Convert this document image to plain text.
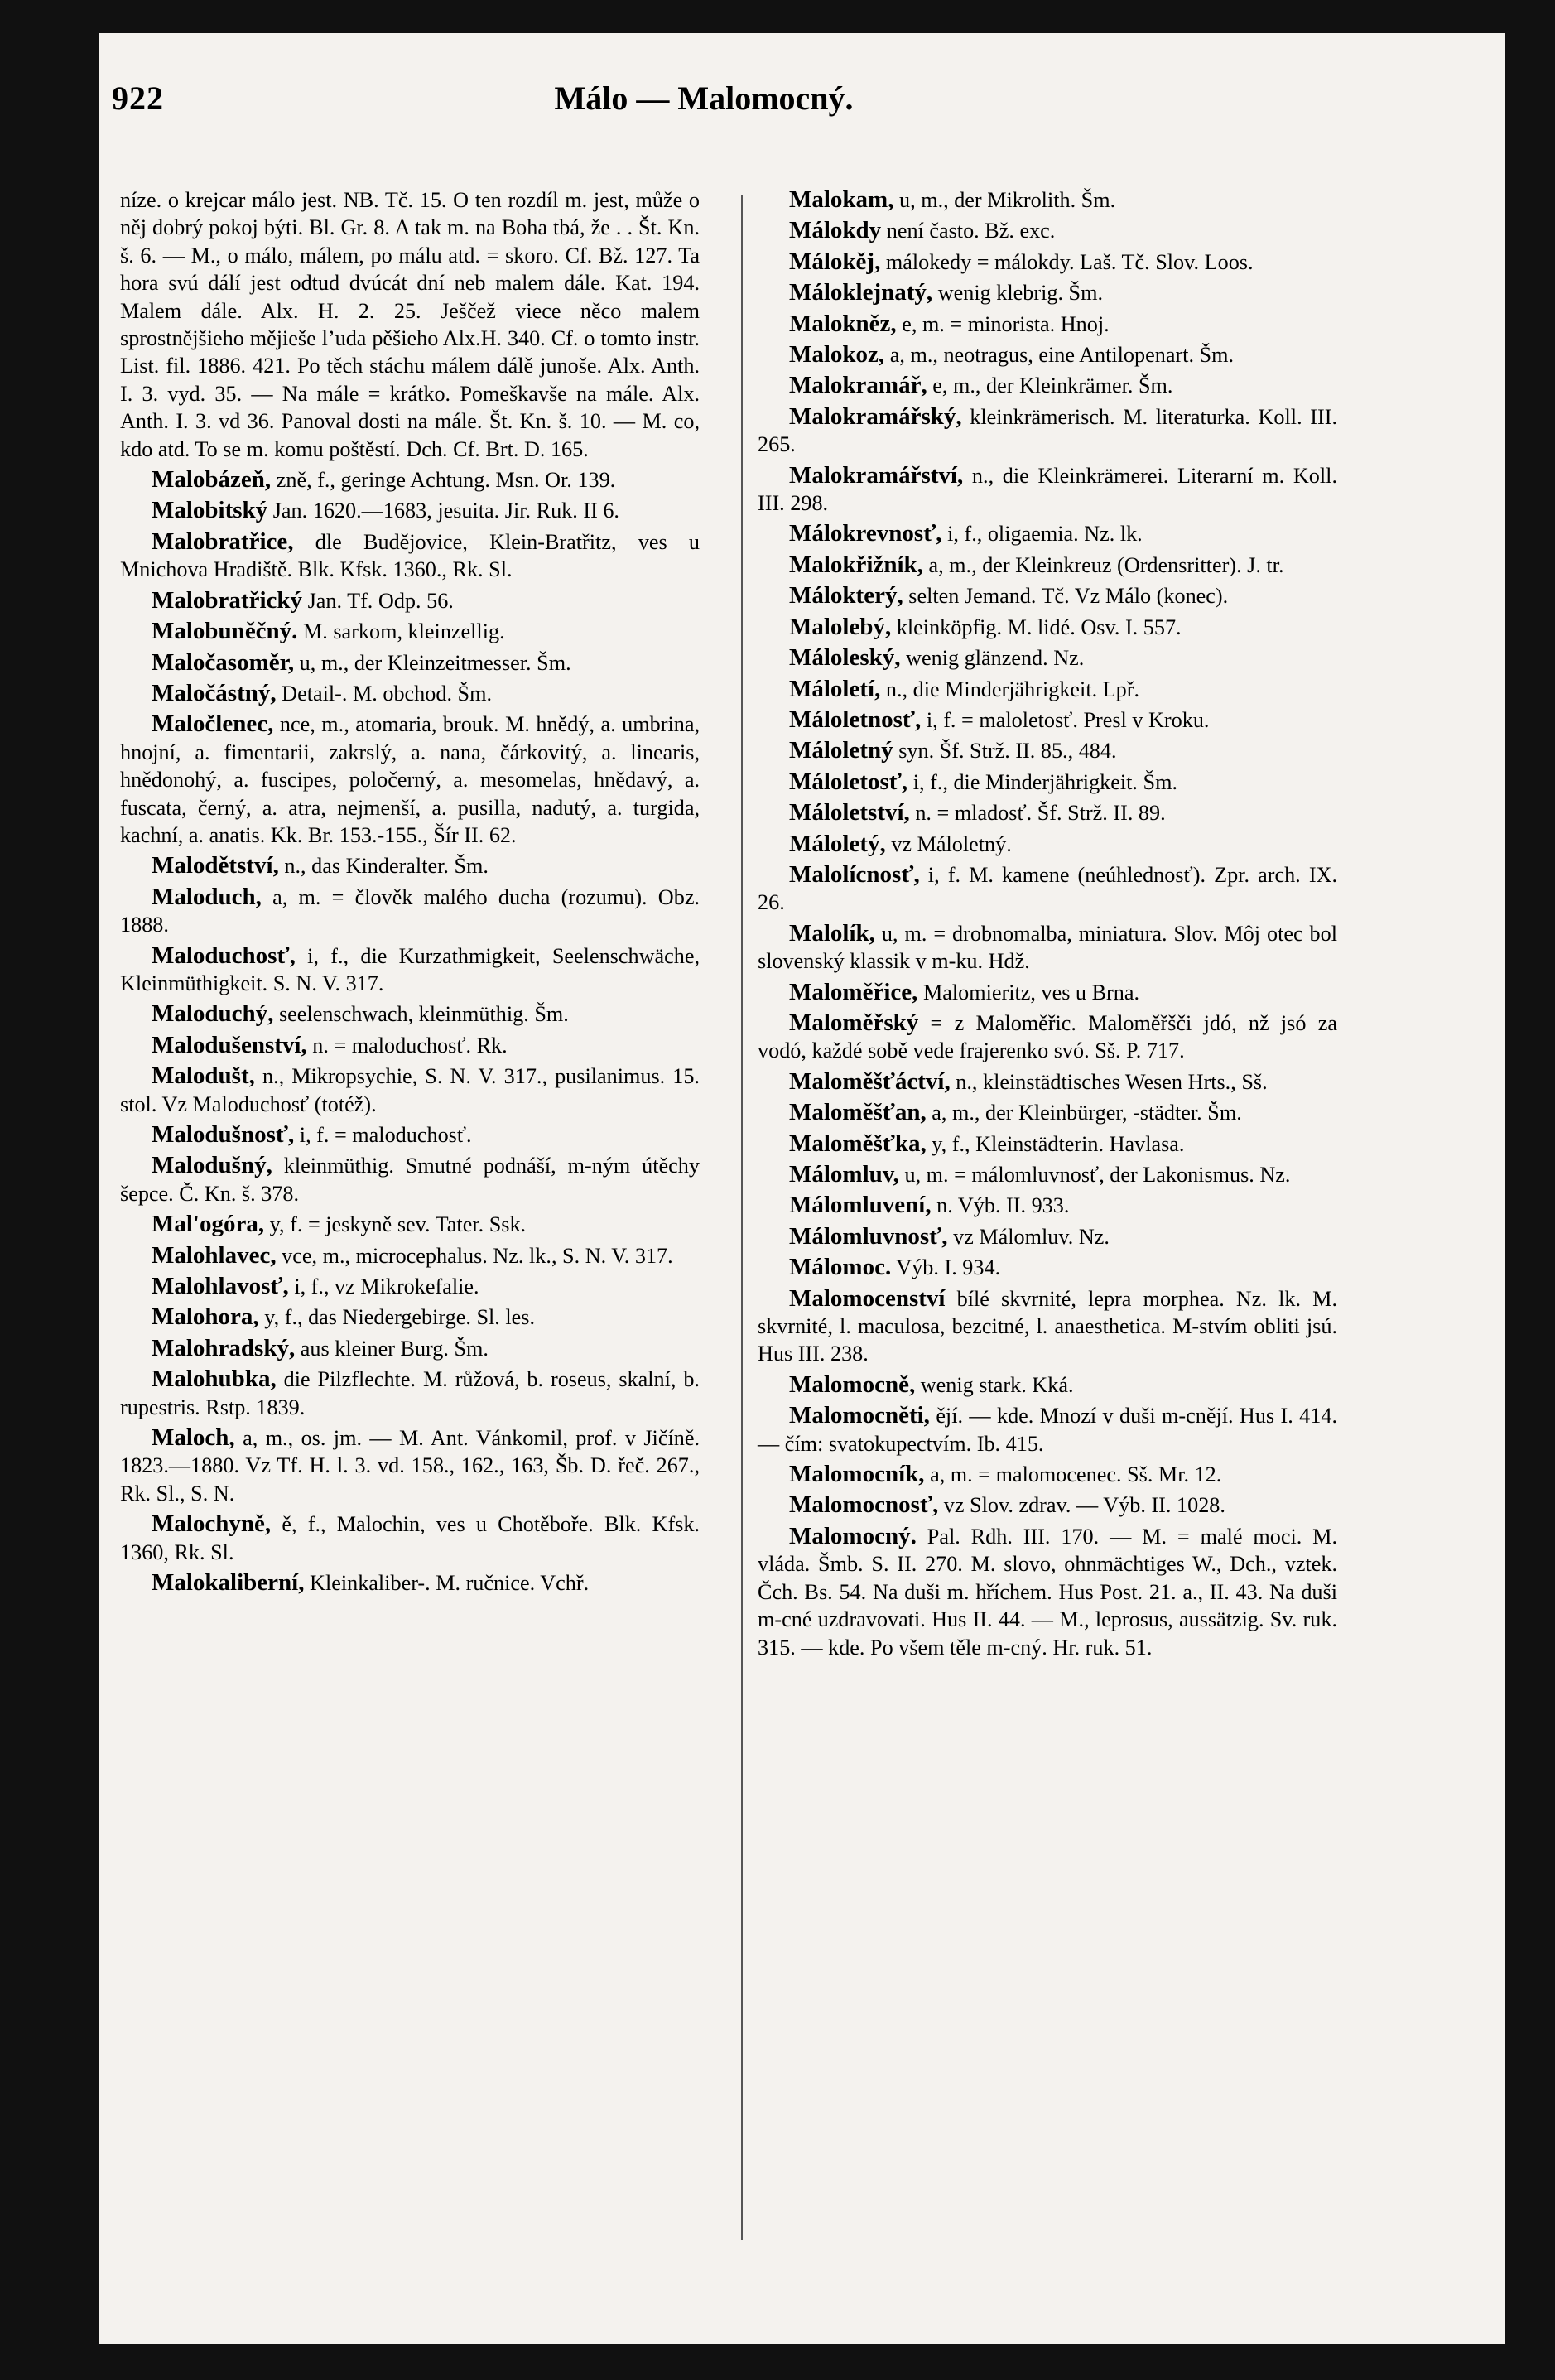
922	Málo — Malomocný.

níze. o krejcar málo jest. NB. Tč. 15. O ten rozdíl m. jest, může o něj dobrý pokoj býti. Bl. Gr. 8. A tak m. na Boha tbá, že . . Št. Kn. š. 6. — M., o málo, málem, po málu atd. = skoro. Cf. Bž. 127. Ta hora svú dálí jest odtud dvúcát dní neb malem dále. Kat. 194. Malem dále. Alx. H. 2. 25. Ješčež viece něco malem sprostnějšieho mějieše l’uda pěšieho Alx.H. 340. Cf. o tomto instr. List. fil. 1886. 421. Po těch stáchu málem dálě junoše. Alx. Anth. I. 3. vyd. 35. — Na mále = krátko. Pomeškavše na mále. Alx. Anth. I. 3. vd 36. Panoval dosti na mále. Št. Kn. š. 10. — M. co, kdo atd. To se m. komu poštěstí. Dch. Cf. Brt. D. 165.

Malobázeň, zně, f., geringe Achtung. Msn. Or. 139.

Malobitský Jan. 1620.—1683, jesuita. Jir. Ruk. II 6.

Malobratřice, dle Budějovice, Klein-Bratřitz, ves u Mnichova Hradiště. Blk. Kfsk. 1360., Rk. Sl.

Malobratřický Jan. Tf. Odp. 56.

Malobuněčný. M. sarkom, kleinzellig.

Maločasoměr, u, m., der Kleinzeitmesser. Šm.

Maločástný, Detail-. M. obchod. Šm.

Maločlenec, nce, m., atomaria, brouk. M. hnědý, a. umbrina, hnojní, a. fimentarii, zakrslý, a. nana, čárkovitý, a. linearis, hnědonohý, a. fuscipes, poločerný, a. mesomelas, hnědavý, a. fuscata, černý, a. atra, nejmenší, a. pusilla, nadutý, a. turgida, kachní, a. anatis. Kk. Br. 153.-155., Šír II. 62.

Malodětství, n., das Kinderalter. Šm.

Maloduch, a, m. = člověk malého ducha (rozumu). Obz. 1888.

Maloduchosť, i, f., die Kurzathmigkeit, Seelenschwäche, Kleinmüthigkeit. S. N. V. 317.

Maloduchý, seelenschwach, kleinmüthig. Šm.

Malodušenství, n. = maloduchosť. Rk.

Malodušt, n., Mikropsychie, S. N. V. 317., pusilanimus. 15. stol. Vz Maloduchosť (totéž).

Malodušnosť, i, f. = maloduchosť.

Malodušný, kleinmüthig. Smutné podnáší, m-ným útěchy šepce. Č. Kn. š. 378.

Mal'ogóra, y, f. = jeskyně sev. Tater. Ssk.

Malohlavec, vce, m., microcephalus. Nz. lk., S. N. V. 317.

Malohlavosť, i, f., vz Mikrokefalie.

Malohora, y, f., das Niedergebirge. Sl. les.

Malohradský, aus kleiner Burg. Šm.

Malohubka, die Pilzflechte. M. růžová, b. roseus, skalní, b. rupestris. Rstp. 1839.

Maloch, a, m., os. jm. — M. Ant. Vánkomil, prof. v Jičíně. 1823.—1880. Vz Tf. H. l. 3. vd. 158., 162., 163, Šb. D. řeč. 267., Rk. Sl., S. N.

Malochyně, ě, f., Malochin, ves u Chotěboře. Blk. Kfsk. 1360, Rk. Sl.

Malokaliberní, Kleinkaliber-. M. ručnice. Vchř.

Malokam, u, m., der Mikrolith. Šm.

Málokdy není často. Bž. exc.

Málokěj, málokedy = málokdy. Laš. Tč. Slov. Loos.

Málokleјnatý, wenig klebrig. Šm.

Malokněz, e, m. = minorista. Hnoj.

Malokoz, a, m., neotragus, eine Antilopenart. Šm.

Malokramář, e, m., der Kleinkrämer. Šm.

Malokramářský, kleinkrämerisch. M. literaturka. Koll. III. 265.

Malokramářství, n., die Kleinkrämerei. Literarní m. Koll. III. 298.

Málokrevnosť, i, f., oligaemia. Nz. lk.

Malokřižník, a, m., der Kleinkreuz (Ordensritter). J. tr.

Málokterý, selten Jemand. Tč. Vz Málo (konec).

Malolebý, kleinköpfig. M. lidé. Osv. I. 557.

Máloleský, wenig glänzend. Nz.

Máloletí, n., die Minderjährigkeit. Lpř.

Máloletnosť, i, f. = maloletosť. Presl v Kroku.

Máloletný syn. Šf. Strž. II. 85., 484.

Máloletosť, i, f., die Minderjährigkeit. Šm.

Máloletství, n. = mladosť. Šf. Strž. II. 89.

Máloletý, vz Máloletný.

Malolícnosť, i, f. M. kamene (neúhlednosť). Zpr. arch. IX. 26.

Malolík, u, m. = drobnomalba, miniatura. Slov. Môj otec bol slovenský klassik v m-ku. Hdž.

Maloměřice, Malomieritz, ves u Brna.

Maloměřský = z Maloměřic. Maloměřšči jdó, nž jsó za vodó, každé sobě vede frajerenko svó. Sš. P. 717.

Maloměšťáctví, n., kleinstädtisches Wesen Hrts., Sš.

Maloměšťan, a, m., der Kleinbürger, -städter. Šm.

Maloměšťka, y, f., Kleinstädterin. Havlasa.

Málomluv, u, m. = málomluvnosť, der Lakonismus. Nz.

Málomluvení, n. Výb. II. 933.

Málomluvnosť, vz Málomluv. Nz.

Málomoc. Výb. I. 934.

Malomocenství bílé skvrnité, lepra morphea. Nz. lk. M. skvrnité, l. maculosa, bezcitné, l. anaesthetica. M-stvím obliti jsú. Hus III. 238.

Malomocně, wenig stark. Kká.

Malomocněti, ějí. — kde. Mnozí v duši m-cnějí. Hus I. 414. — čím: svatokupectvím. Ib. 415.

Malomocník, a, m. = malomocenec. Sš. Mr. 12.

Malomocnosť, vz Slov. zdrav. — Výb. II. 1028.

Malomocný. Pal. Rdh. III. 170. — M. = malé moci. M. vláda. Šmb. S. II. 270. M. slovo, ohnmächtiges W., Dch., vztek. Čch. Bs. 54. Na duši m. hříchem. Hus Post. 21. a., II. 43. Na duši m-cné uzdravovati. Hus II. 44. — M., leprosus, aussätzig. Sv. ruk. 315. — kde. Po všem těle m-cný. Hr. ruk. 51.
